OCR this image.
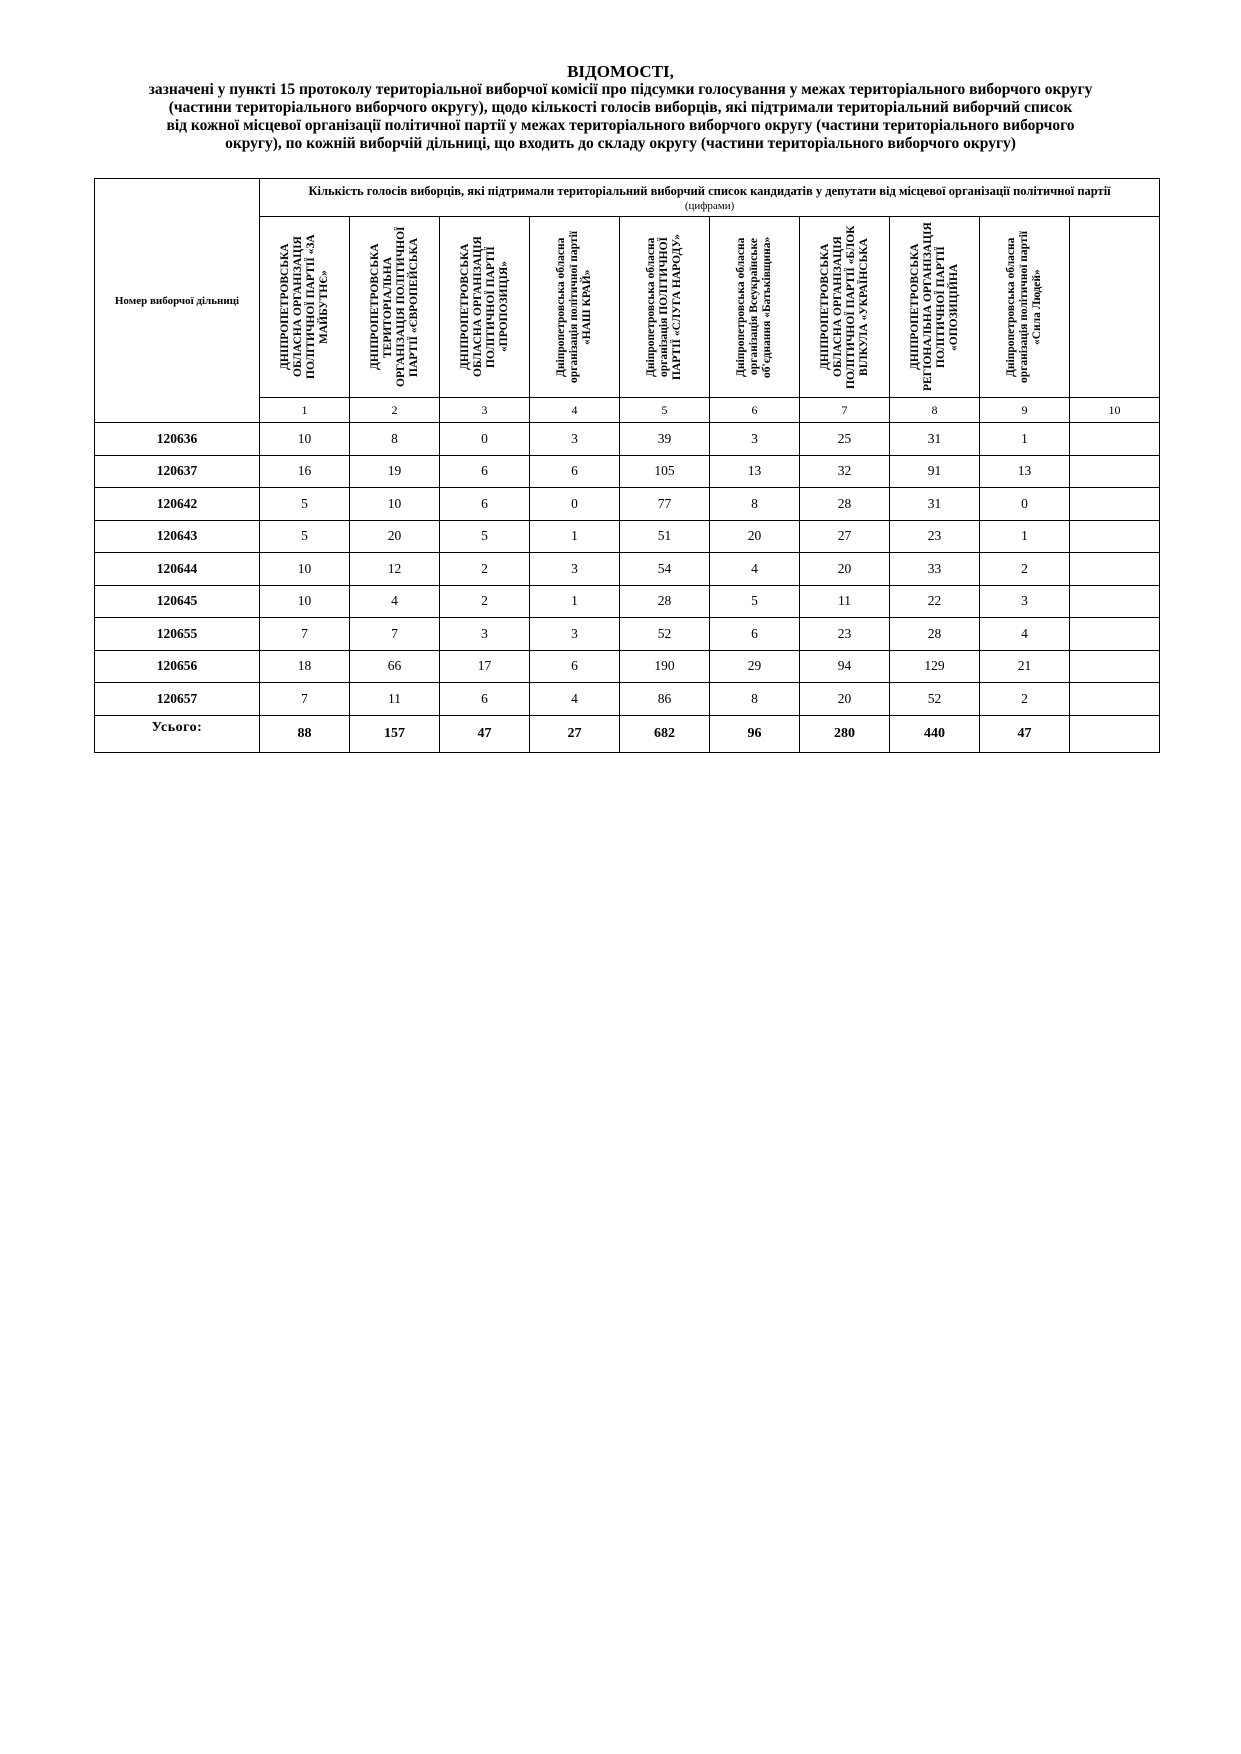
ВІДОМОСТІ,
зазначені у пункті 15 протоколу територіальної виборчої комісії про підсумки голосування у межах територіального виборчого округу
(частини територіального виборчого округу), щодо кількості голосів виборців, які підтримали територіальний виборчий список
від кожної місцевої організації політичної партії у межах територіального виборчого округу (частини територіального виборчого
округу), по кожній виборчій дільниці, що входить до складу округу (частини територіального виборчого округу)
Номер виборчої дільниці	Кількість голосів виборців, які підтримали територіальний виборчий список кандидатів у депутати від місцевої організації політичної партії
(цифрами)									

	ДНІПРОПЕТРОВСЬКА ОБЛАСНА ОРГАНІЗАЦІЯ ПОЛІТИЧНОЇ ПАРТІЇ «ЗА МАЙБУТНЄ»	ДНІПРОПЕТРОВСЬКА ТЕРИТОРІАЛЬНА ОРГАНІЗАЦІЯ ПОЛІТИЧНОЇ ПАРТІЇ «ЄВРОПЕЙСЬКА	ДНІПРОПЕТРОВСЬКА ОБЛАСНА ОРГАНІЗАЦІЯ ПОЛІТИЧНОЇ ПАРТІЇ «ПРОПОЗИЦІЯ»	Дніпропетровська обласна організація політичної партії «НАШ КРАЙ»	Дніпропетровська обласна організація ПОЛІТИЧНОЇ ПАРТІЇ «СЛУГА НАРОДУ»	Дніпропетровська обласна організація Всеукраїнське об'єднання «Батьківщина»	ДНІПРОПЕТРОВСЬКА ОБЛАСНА ОРГАНІЗАЦІЯ ПОЛІТИЧНОЇ ПАРТІЇ «БЛОК ВІЛКУЛА «УКРАЇНСЬКА	ДНІПРОПЕТРОВСЬКА РЕГІОНАЛЬНА ОРГАНІЗАЦІЯ ПОЛІТИЧНОЇ ПАРТІЇ «ОПОЗИЦІЙНА	Дніпропетровська обласна організація політичної партії «Сила Людей»	

	1	2	3	4	5	6	7	8	9	10
120636	10	8	0	3	39	3	25	31	1	
120637	16	19	6	6	105	13	32	91	13	
120642	5	10	6	0	77	8	28	31	0	
120643	5	20	5	1	51	20	27	23	1	
120644	10	12	2	3	54	4	20	33	2	
120645	10	4	2	1	28	5	11	22	3	
120655	7	7	3	3	52	6	23	28	4	
120656	18	66	17	6	190	29	94	129	21	
120657	7	11	6	4	86	8	20	52	2	
Усього:	88	157	47	27	682	96	280	440	47	
